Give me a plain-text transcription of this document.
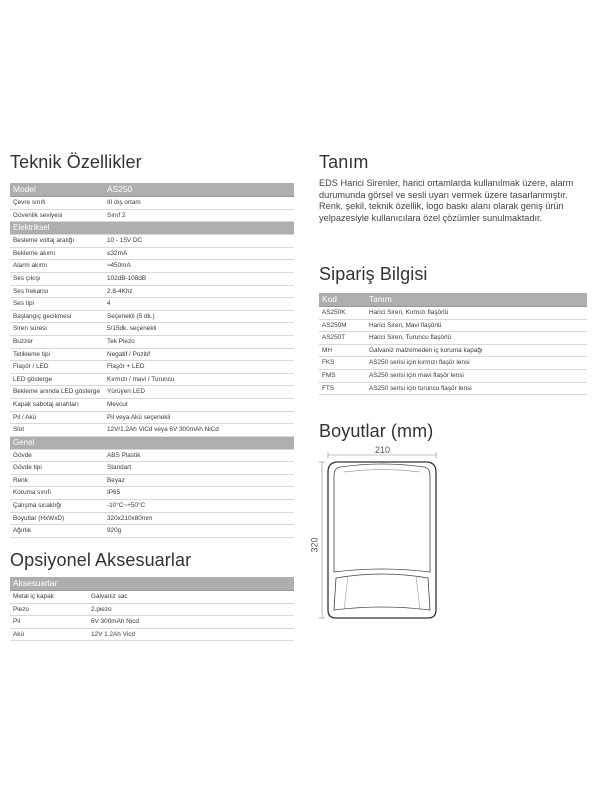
Teknik Özellikler	Tanım
Sipariş Bilgisi
Boyutlar (mm)
Opsiyonel Aksesuarlar

EDS Harici Sirenler, harici ortamlarda kullanılmak üzere, alarm durumunda görsel ve sesli uyarı vermek üzere tasarlanmıştır. Renk, şekil, teknik özellik, logo baskı alanı olarak geniş ürün yelpazesiyle kullanıcılara özel çözümler sunulmaktadır.

Model	AS250
Çevre sınıfı	III dış ortam
Güvenlik seviyesi	Sınıf 2
Elektriksel	
Besleme voltaj aralığı	10 - 15V DC
Bekleme akımı	≤32mA
Alarm akımı	≈450mA
Ses çıkışı	102dB-108dB
Ses frekansı	2.8-4Khz
Ses tipi	4
Başlangıç gecikmesi	Seçenekli (5 dk.)
Siren süresi	5/15dk. seçenekli
Buzzer	Tek Piezo
Tetikleme tipi	Negatif / Pozitif
Flaşör / LED	Flaşör + LED
LED gösterge	Kırmızı / mavi / Turuncu
Bekleme anında LED gösterge	Yürüyen LED
Kapak sabotaj anahtarı	Mevcut
Pil / Akü	Pil veya Akü seçenekli
Slot	12V/1.2Ah ViCd veya 6V 300mAh NiCd
Genel	
Gövde	ABS Plastik
Gövde tipi	Standart
Renk	Beyaz
Koruma sınıfı	IP65
Çalışma sıcaklığı	-10°C~+50°C
Boyutlar (HxWxD)	320x210x80mm
Ağırlık	920g
Kod	Tanım
AS250K	Harici Siren, Kırmızı flaşörlü
AS250M	Harici Siren, Mavi flaşörlü
AS250T	Harici Siren, Turuncu flaşörlü
MH	Galvaniz malzemeden iç koruma kapağı
FKS	AS250 serisi için kırmızı flaşör lensi
FMS	AS250 serisi için mavi flaşör lensi
FTS	AS250 serisi için turuncu flaşör lensi
Aksesuarlar	
Metal iç kapak	Galvaniz sac
Piezo	2.piezo
Pil	6V 300mAh Nicd
Akü	12V 1.2Ah Vicd
210
320
